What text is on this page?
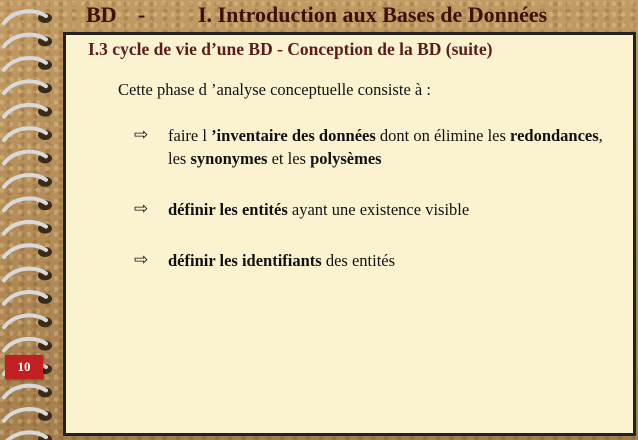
BD - I. Introduction aux Bases de Données
I.3 cycle de vie d’une BD - Conception de la BD (suite)
Cette phase d ’analyse conceptuelle consiste à :
⇨ faire l ’inventaire des données dont on élimine les redondances, les synonymes et les polysèmes
⇨ définir les entités ayant une existence visible
⇨ définir les identifiants des entités
10
